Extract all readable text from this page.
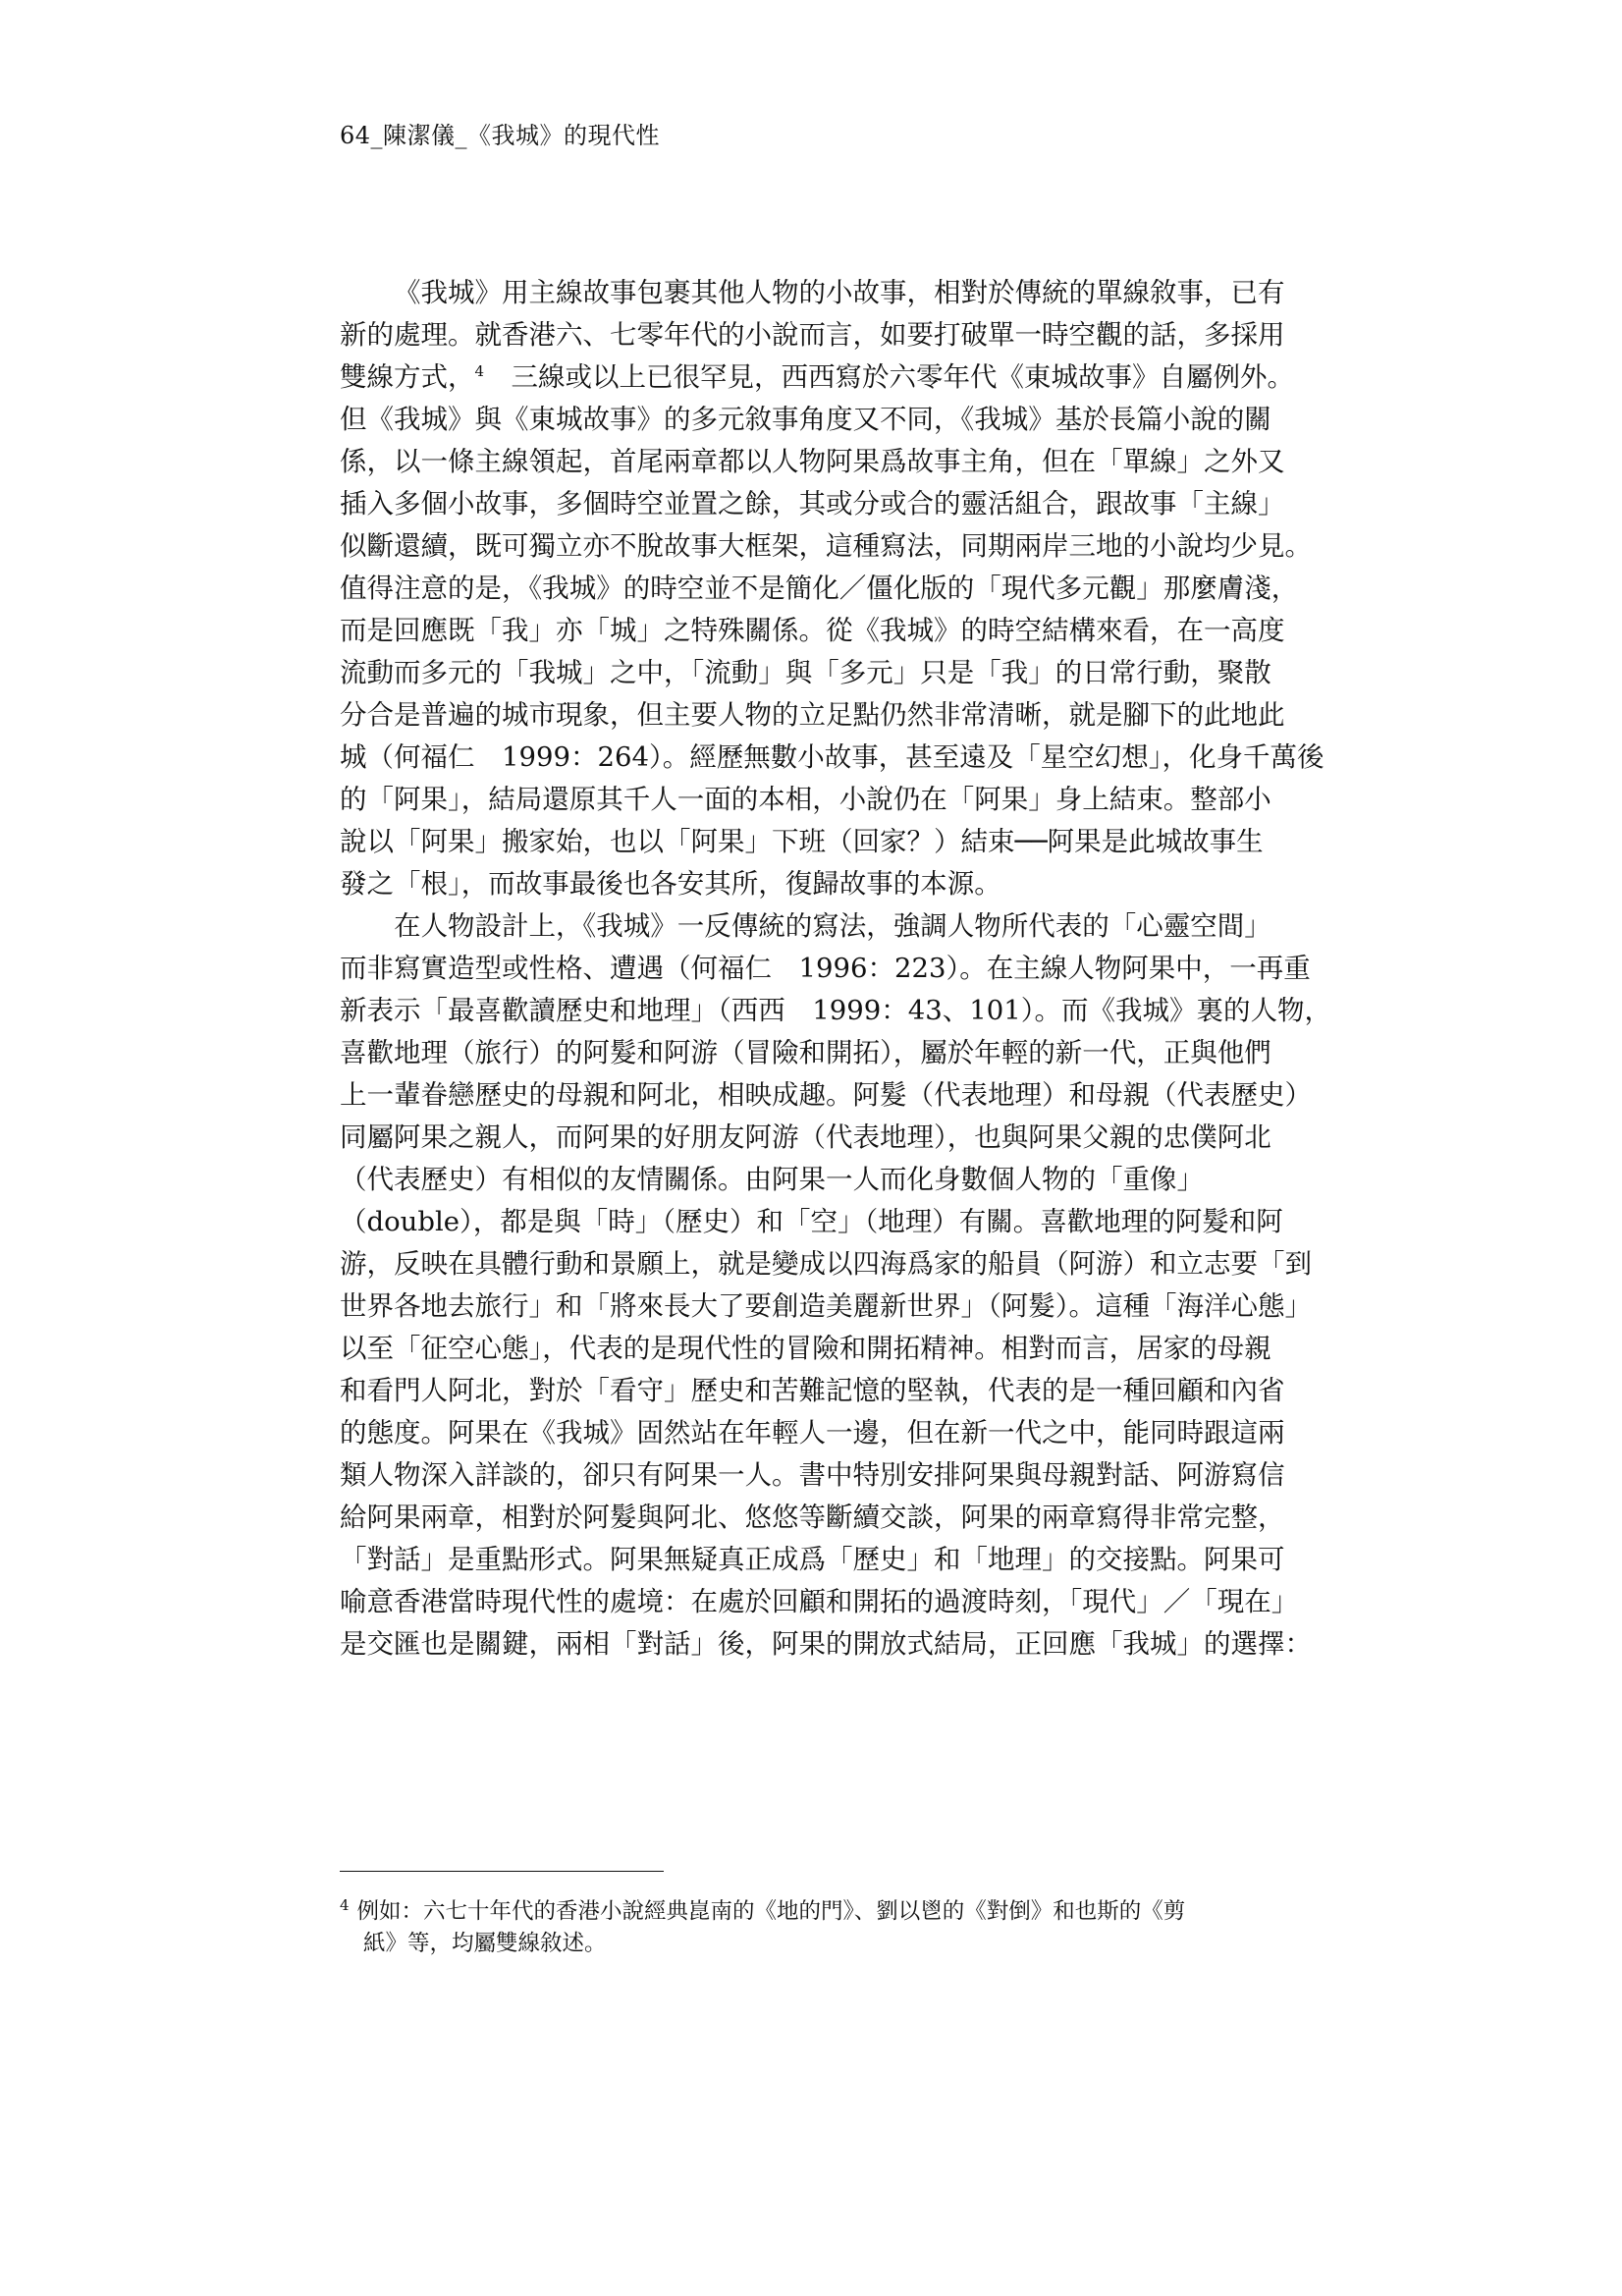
64_陳潔儀_《我城》的現代性

《我城》用主線故事包裹其他人物的小故事，相對於傳統的單線敘事，已有
新的處理。就香港六、七零年代的小說而言，如要打破單一時空觀的話，多採用
雙線方式，$^4$　三線或以上已很罕見，西西寫於六零年代《東城故事》自屬例外。
但《我城》與《東城故事》的多元敘事角度又不同，《我城》基於長篇小說的關
係，以一條主線領起，首尾兩章都以人物阿果爲故事主角，但在「單線」之外又
插入多個小故事，多個時空並置之餘，其或分或合的靈活組合，跟故事「主線」
似斷還續，既可獨立亦不脫故事大框架，這種寫法，同期兩岸三地的小說均少見。
值得注意的是，《我城》的時空並不是簡化／僵化版的「現代多元觀」那麼膚淺，
而是回應既「我」亦「城」之特殊關係。從《我城》的時空結構來看，在一高度
流動而多元的「我城」之中，「流動」與「多元」只是「我」的日常行動，聚散
分合是普遍的城市現象，但主要人物的立足點仍然非常清晰，就是腳下的此地此
城（何福仁　1999：264）。經歷無數小故事，甚至遠及「星空幻想」，化身千萬後
的「阿果」，結局還原其千人一面的本相，小說仍在「阿果」身上結束。整部小
說以「阿果」搬家始，也以「阿果」下班（回家？）結束──阿果是此城故事生
發之「根」，而故事最後也各安其所，復歸故事的本源。

在人物設計上，《我城》一反傳統的寫法，強調人物所代表的「心靈空間」
而非寫實造型或性格、遭遇（何福仁　1996：223）。在主線人物阿果中，一再重
新表示「最喜歡讀歷史和地理」（西西　1999：43、101）。而《我城》裏的人物，
喜歡地理（旅行）的阿髮和阿游（冒險和開拓），屬於年輕的新一代，正與他們
上一輩眷戀歷史的母親和阿北，相映成趣。阿髮（代表地理）和母親（代表歷史）
同屬阿果之親人，而阿果的好朋友阿游（代表地理），也與阿果父親的忠僕阿北
（代表歷史）有相似的友情關係。由阿果一人而化身數個人物的「重像」
（double），都是與「時」（歷史）和「空」（地理）有關。喜歡地理的阿髮和阿
游，反映在具體行動和景願上，就是變成以四海爲家的船員（阿游）和立志要「到
世界各地去旅行」和「將來長大了要創造美麗新世界」（阿髮）。這種「海洋心態」
以至「征空心態」，代表的是現代性的冒險和開拓精神。相對而言，居家的母親
和看門人阿北，對於「看守」歷史和苦難記憶的堅執，代表的是一種回顧和內省
的態度。阿果在《我城》固然站在年輕人一邊，但在新一代之中，能同時跟這兩
類人物深入詳談的，卻只有阿果一人。書中特別安排阿果與母親對話、阿游寫信
給阿果兩章，相對於阿髮與阿北、悠悠等斷續交談，阿果的兩章寫得非常完整，
「對話」是重點形式。阿果無疑真正成爲「歷史」和「地理」的交接點。阿果可
喻意香港當時現代性的處境：在處於回顧和開拓的過渡時刻，「現代」／「現在」
是交匯也是關鍵，兩相「對話」後，阿果的開放式結局，正回應「我城」的選擇：

$^4$ 例如：六七十年代的香港小說經典崑南的《地的門》、劉以鬯的《對倒》和也斯的《剪
紙》等，均屬雙線敘述。
